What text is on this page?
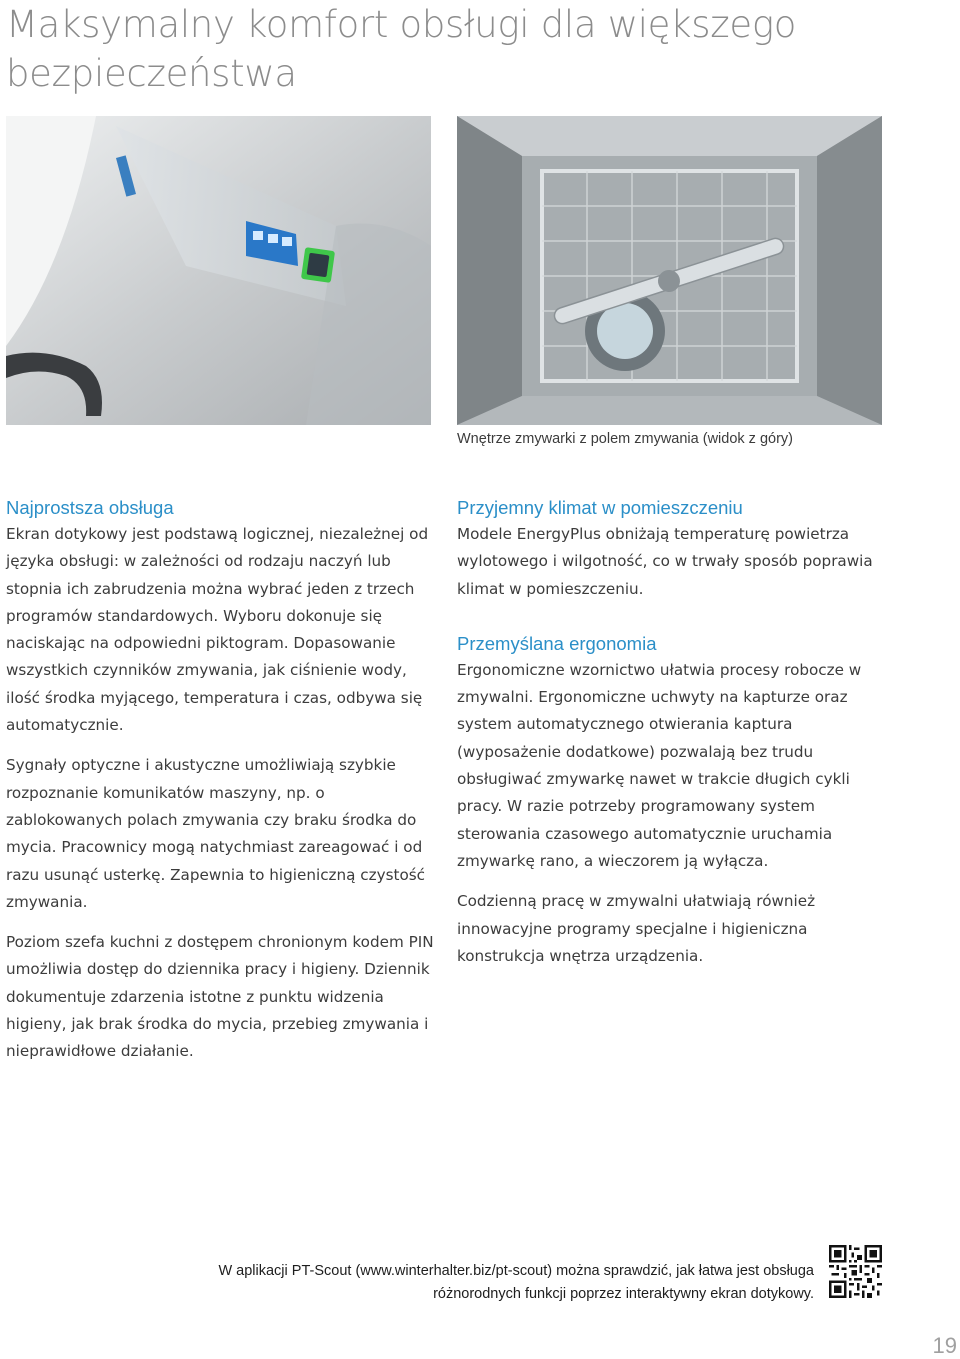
Maksymalny komfort obsługi dla większego bezpieczeństwa
Wnętrze zmywarki z polem zmywania (widok z góry)

Najprostsza obsługa

Ekran dotykowy jest podstawą logicznej, niezależnej od języka obsługi: w zależności od rodzaju naczyń lub stopnia ich zabrudzenia można wybrać jeden z trzech programów standardowych. Wyboru dokonuje się naciskając na odpowiedni piktogram. Dopasowanie wszystkich czynników zmywania, jak ciśnienie wody, ilość środka myjącego, temperatura i czas, odbywa się automatycznie.

Sygnały optyczne i akustyczne umożliwiają szybkie rozpoznanie komunikatów maszyny, np. o zablokowanych polach zmywania czy braku środka do mycia. Pracownicy mogą natychmiast zareagować i od razu usunąć usterkę. Zapewnia to higieniczną czystość zmywania.

Poziom szefa kuchni z dostępem chronionym kodem PIN umożliwia dostęp do dziennika pracy i higieny. Dziennik dokumentuje zdarzenia istotne z punktu widzenia higieny, jak brak środka do mycia, przebieg zmywania i nieprawidłowe działanie.

Przyjemny klimat w pomieszczeniu

Modele EnergyPlus obniżają temperaturę powietrza wylotowego i wilgotność, co w trwały sposób poprawia klimat w pomieszczeniu.

Przemyślana ergonomia

Ergonomiczne wzornictwo ułatwia procesy robocze w zmywalni. Ergonomiczne uchwyty na kapturze oraz system automatycznego otwierania kaptura (wyposażenie dodatkowe) pozwalają bez trudu obsługiwać zmywarkę nawet w trakcie długich cykli pracy. W razie potrzeby programowany system sterowania czasowego automatycznie uruchamia zmywarkę rano, a wieczorem ją wyłącza.

Codzienną pracę w zmywalni ułatwiają również innowacyjne programy specjalne i higieniczna konstrukcja wnętrza urządzenia.

W aplikacji PT-Scout (www.winterhalter.biz/pt-scout) można sprawdzić, jak łatwa jest obsługa
różnorodnych funkcji poprzez interaktywny ekran dotykowy.
19
